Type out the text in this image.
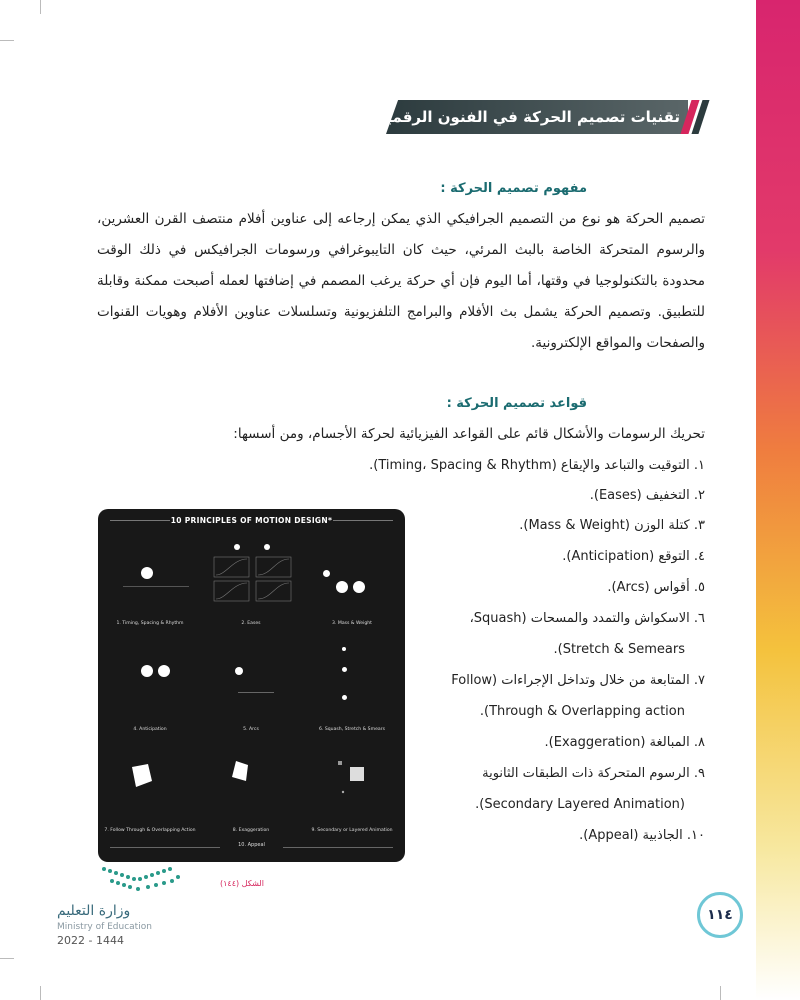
تقنيات تصميم الحركة في الفنون الرقمية:
مفهوم تصميم الحركة :
تصميم الحركة هو نوع من التصميم الجرافيكي الذي يمكن إرجاعه إلى عناوين أفلام منتصف القرن العشرين، والرسوم المتحركة الخاصة بالبث المرئي، حيث كان التايبوغرافي ورسومات الجرافيكس في ذلك الوقت محدودة بالتكنولوجيا في وقتها، أما اليوم فإن أي حركة يرغب المصمم في إضافتها لعمله أصبحت ممكنة وقابلة للتطبيق. وتصميم الحركة يشمل بث الأفلام والبرامج التلفزيونية وتسلسلات عناوين الأفلام وهويات القنوات والصفحات والمواقع الإلكترونية.
قواعد تصميم الحركة :
تحريك الرسومات والأشكال قائم على القواعد الفيزيائية لحركة الأجسام، ومن أسسها:
١. التوقيت والتباعد والإيقاع (Timing، Spacing & Rhythm).
٢. التخفيف (Eases).
٣. كتلة الوزن (Mass & Weight).
٤. التوقع (Anticipation).
٥. أقواس (Arcs).
٦. الاسكواش والتمدد والمسحات (Squash،
Stretch & Semears).
٧. المتابعة من خلال وتداخل الإجراءات (Follow
Through & Overlapping action).
٨. المبالغة (Exaggeration).
٩. الرسوم المتحركة ذات الطبقات الثانوية
(Secondary Layered Animation).
١٠. الجاذبية (Appeal).
10 PRINCIPLES OF MOTION DESIGN*
1. Timing, Spacing & Rhythm	2. Eases	3. Mass & Weight
4. Anticipation	5. Arcs	6. Squash, Stretch & Smears
7. Follow Through & Overlapping Action	8. Exaggeration	9. Secondary or Layered Animation
10. Appeal
الشكل (١٤٤)
وزارة التعليم
Ministry of Education
2022 - 1444
١١٤
